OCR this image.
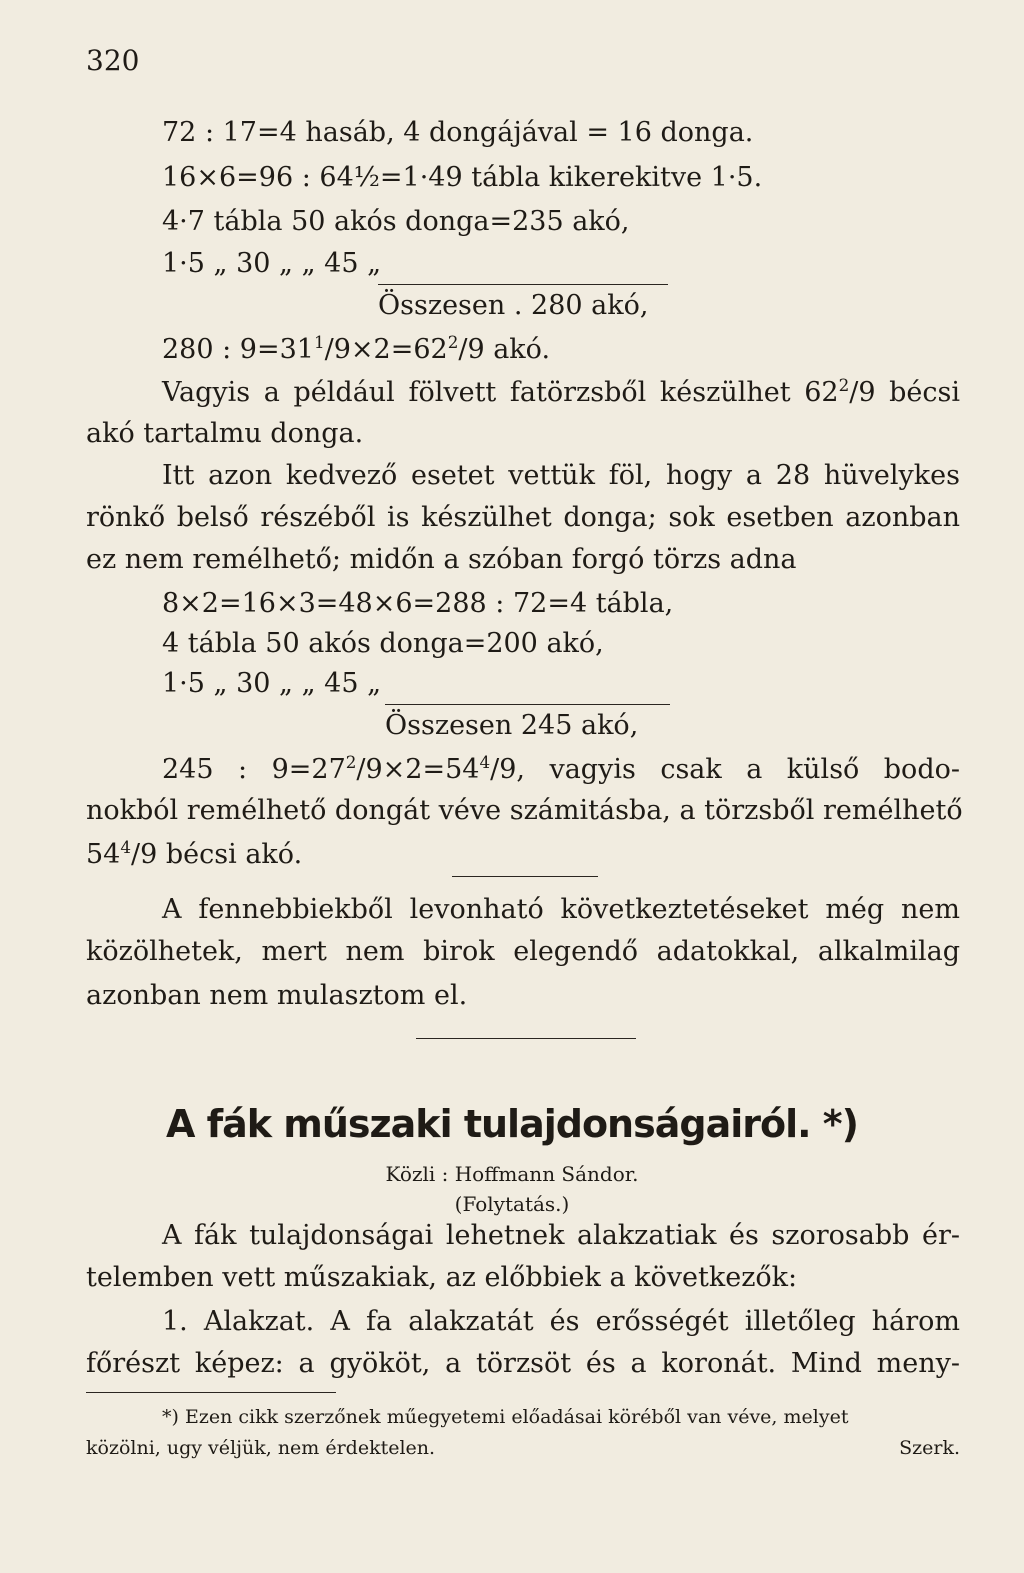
320
72 : 17=4 hasáb, 4 dongájával = 16 donga.
16×6=96 : 64½=1·49 tábla kikerekitve 1·5.
4·7 tábla 50 akós donga=235 akó,
1·5 „ 30 „ „ 45 „
Összesen . 280 akó,
280 : $9=31^1/9\times 2=62^2/9$ akó.
Vagyis a például fölvett fatörzsből készülhet $62^2/9$ bécsi
akó tartalmu donga.
Itt azon kedvező esetet vettük föl, hogy a 28 hüvelykes
rönkő belső részéből is készülhet donga; sok esetben azonban
ez nem remélhető; midőn a szóban forgó törzs adna
8×2=16×3=48×6=288 : 72=4 tábla,
4 tábla 50 akós donga=200 akó,
1·5 „ 30 „ „ 45 „
Összesen 245 akó,
245 : $9=27^2/9\times 2=54^4/9$, vagyis csak a külső bodo-
nokból remélhető dongát véve számitásba, a törzsből remélhető
$54^4/9$ bécsi akó.
A fennebbiekből levonható következtetéseket még nem
közölhetek, mert nem birok elegendő adatokkal, alkalmilag
azonban nem mulasztom el.
A fák műszaki tulajdonságairól. *)
Közli : Hoffmann Sándor.
(Folytatás.)
A fák tulajdonságai lehetnek alakzatiak és szorosabb ér-
telemben vett műszakiak, az előbbiek a következők:
1. Alakzat. A fa alakzatát és erősségét illetőleg három
főrészt képez: a gyököt, a törzsöt és a koronát. Mind meny-
*) Ezen cikk szerzőnek műegyetemi előadásai köréből van véve, melyet
közölni, ugy véljük, nem érdektelen.	Szerk.
